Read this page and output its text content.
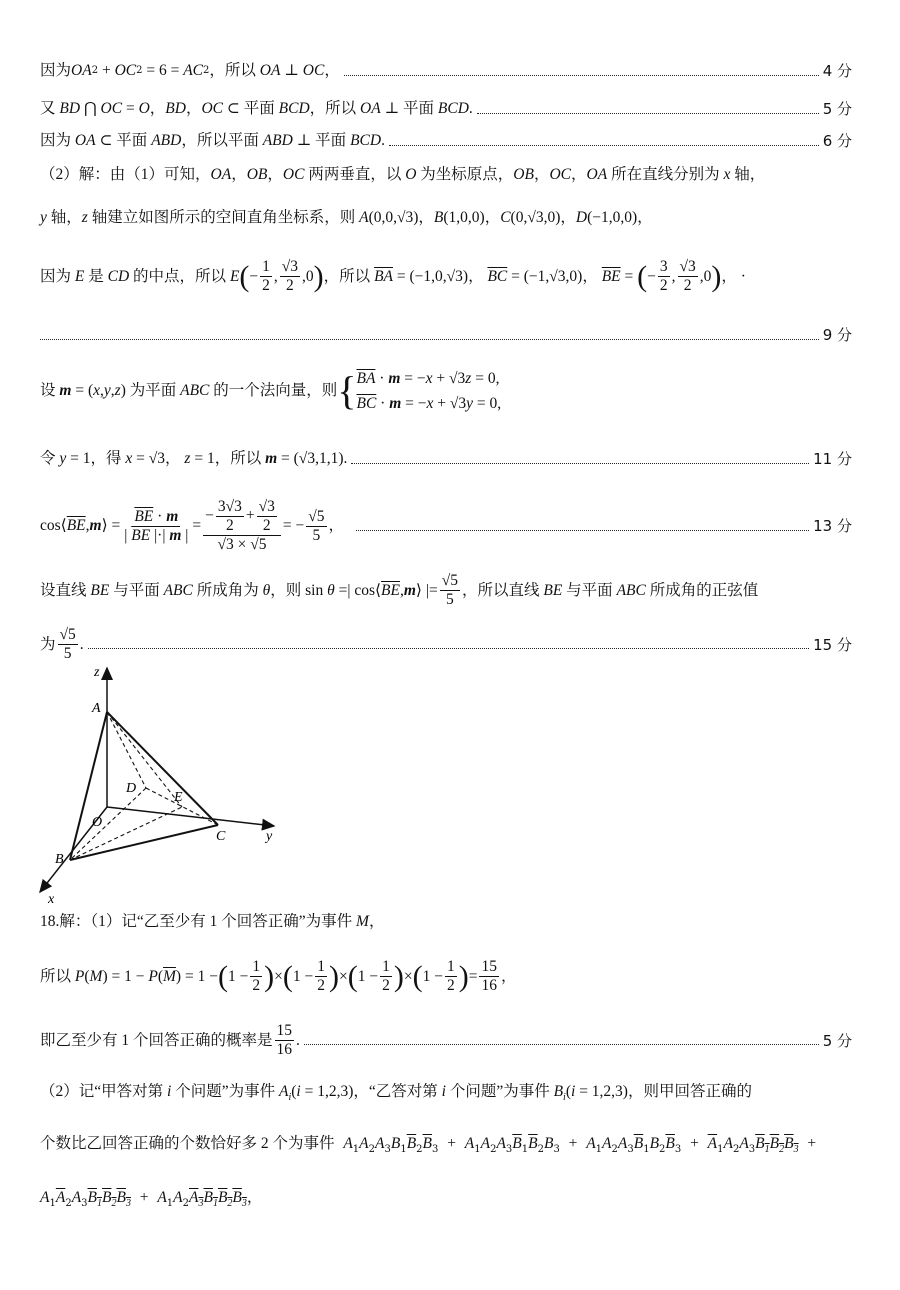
因为 OA 2 + OC 2 = 6 = AC 2 ，所以 OA ⊥ OC ，	4 分
又 BD ⋂ OC = O ， BD ， OC ⊂ 平面 BCD ，所以 OA ⊥ 平面 BCD .	5 分
因为 OA ⊂ 平面 ABD ，所以平面 ABD ⊥ 平面 BCD .	6 分
（2）解：由（1）可知，OA，OB，OC 两两垂直，以 O 为坐标原点，OB，OC，OA 所在直线分别为 x 轴，
y 轴，z 轴建立如图所示的空间直角坐标系，则 A(0,0,√3)，B(1,0,0)，C(0,√3,0)，D(−1,0,0)，
因为 E 是 CD 的中点，所以 E ( − $\frac{1}{2}$ , $\frac{√3}{2} ,0$ ) ，所以 $\overline{BA} = (-1,0,√3)$， $\overline{BC} = (-1,√3,0)$， $\overline{BE}$ = ( − $\frac{3}{2}$ , $\frac{√3}{2} ,0$ ) ， ·
9 分
设 m = ( x , y , z ) 为平面 ABC 的一个法向量，则 { $\overline{BA} \cdot m = -x + √3z = 0$,
$\overline{BC} \cdot m = -x + √3y = 0$,
令 y = 1，得 x = √3， z = 1，所以 m = (√3,1,1).	11 分
cos⟨ $\overline{BE}$ , m ⟩ = $\frac{\overline{BE} \cdot m}{| \overline{BE} |\cdot| m |} = \frac{- \frac{3√3}{2} + \frac{√3}{2}}{√3 \times √5}$ = − $\frac{√5}{5}$ ，	13 分
设直线 BE 与平面 ABC 所成角为 θ ，则 sin θ =| cos⟨ $\overline{BE}$ , m ⟩ |= $\frac{√5}{5}$ ，所以直线 BE 与平面 ABC 所成角的正弦值
为 $\frac{√5}{5}$ .	15 分
z
A
D
E
O
C	y
B
x
18.解：（1）记“乙至少有 1 个回答正确”为事件 M，
所以 P ( M ) = 1 − P ( $\overline{M}$ ) = 1 − ( $1 - \frac{1}{2}$ ) × ( $1 - \frac{1}{2}$ ) × ( $1 - \frac{1}{2}$ ) × ( $1 - \frac{1}{2}$ ) = $\frac{15}{16}$ ，
即乙至少有 1 个回答正确的概率是 $\frac{15}{16}$ .	5 分
（2）记“甲答对第 i 个问题”为事件 $A_i(i = 1,2,3)$，“乙答对第 i 个问题”为事件 $B_i(i = 1,2,3)$，则甲回答正确的
个数比乙回答正确的个数恰好多 2 个为事件  $A_1A_2A_3B_1\overline{B}_2\overline{B}_3 + A_1A_2A_3\overline{B}_1\overline{B}_2B_3 + A_1A_2A_3\overline{B}_1B_2\overline{B}_3 + \overline{A}_1A_2A_3B_1B_2B_3$  +
$A_1\overline{A}_2A_3B_1B_2B_3 + A_1A_2A_3B_1B_2B_3$，
